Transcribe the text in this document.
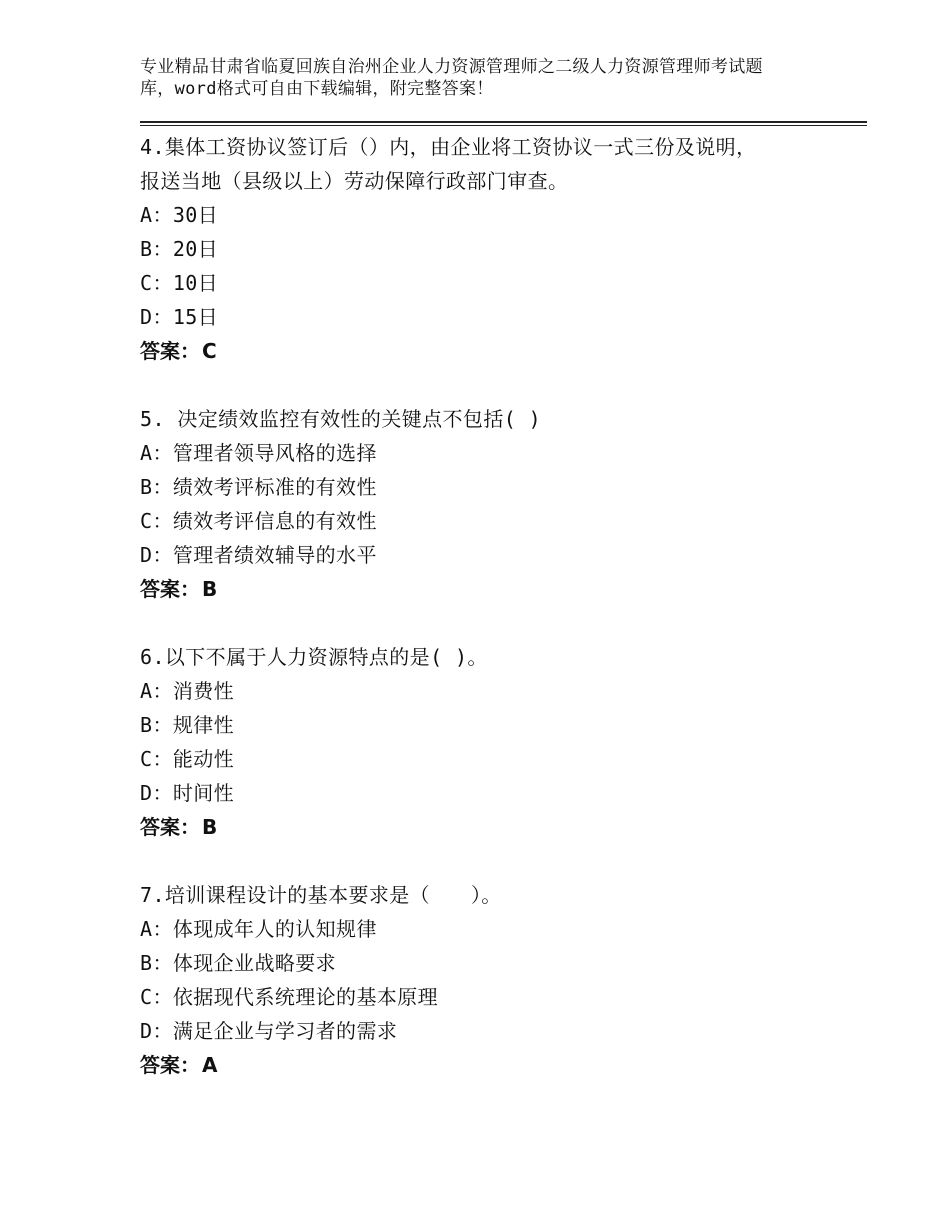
专业精品甘肃省临夏回族自治州企业人力资源管理师之二级人力资源管理师考试题
库，word格式可自由下载编辑，附完整答案！
4.集体工资协议签订后（）内，由企业将工资协议一式三份及说明，
报送当地（县级以上）劳动保障行政部门审查。
A：30日
B：20日
C：10日
D：15日
答案： C
5. 决定绩效监控有效性的关键点不包括( )
A：管理者领导风格的选择
B：绩效考评标准的有效性
C：绩效考评信息的有效性
D：管理者绩效辅导的水平
答案： B
6.以下不属于人力资源特点的是( )。
A：消费性
B：规律性
C：能动性
D：时间性
答案： B
7.培训课程设计的基本要求是（　　）。
A：体现成年人的认知规律
B：体现企业战略要求
C：依据现代系统理论的基本原理
D：满足企业与学习者的需求
答案： A
